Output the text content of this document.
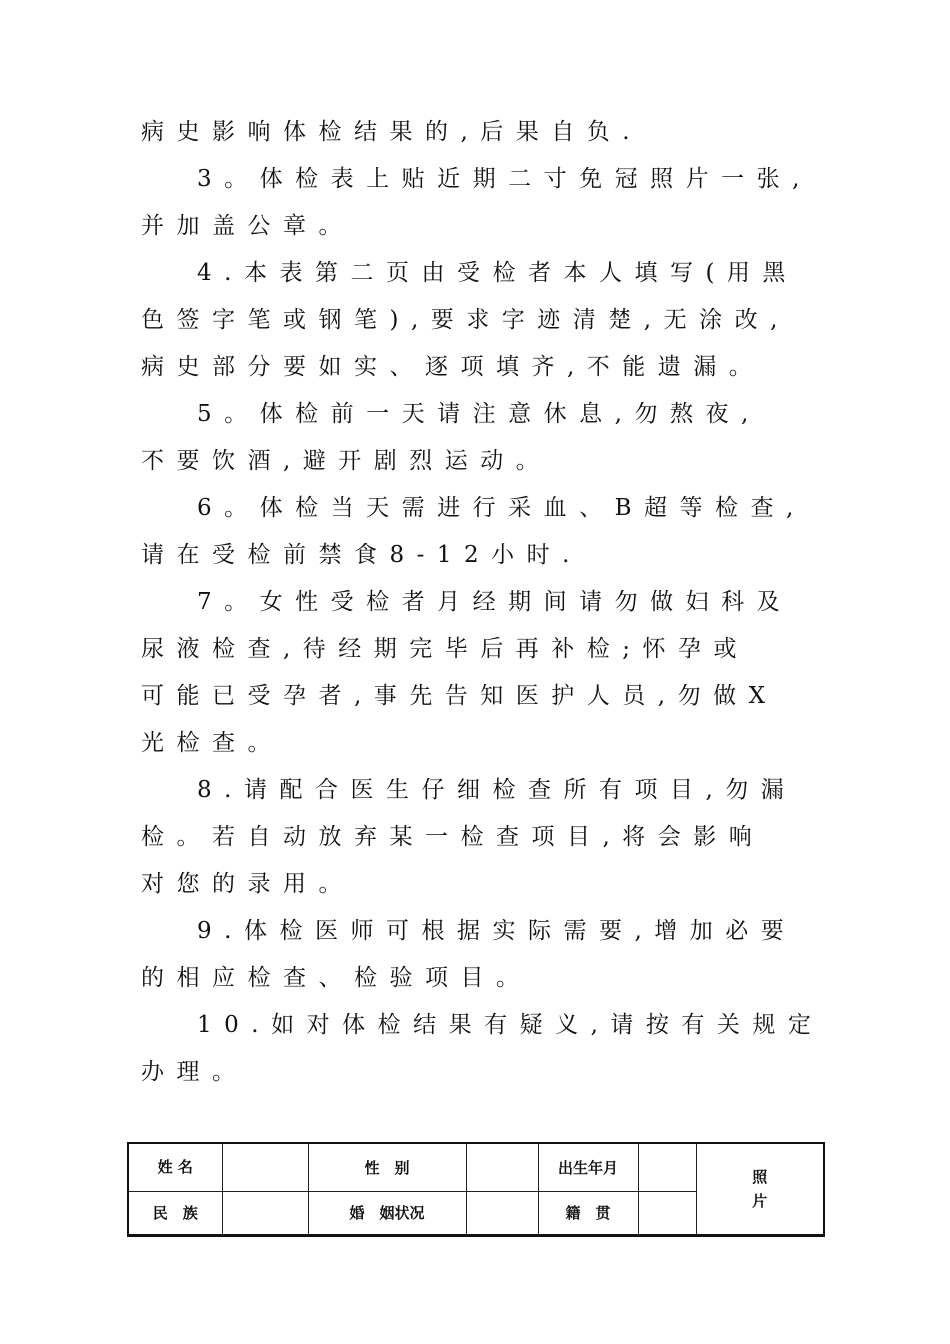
病史影响体检结果的,后果自负.
3。体检表上贴近期二寸免冠照片一张,
并加盖公章。
4.本表第二页由受检者本人填写(用黑
色签字笔或钢笔),要求字迹清楚,无涂改,
病史部分要如实、逐项填齐,不能遗漏。
5。体检前一天请注意休息,勿熬夜,
不要饮酒,避开剧烈运动。
6。体检当天需进行采血、B超等检查,
请在受检前禁食8-12小时.
7。女性受检者月经期间请勿做妇科及
尿液检查,待经期完毕后再补检;怀孕或
可能已受孕者,事先告知医护人员,勿做X
光检查。
8.请配合医生仔细检查所有项目,勿漏
检。若自动放弃某一检查项目,将会影响
对您的录用。
9.体检医师可根据实际需要,增加必要
的相应检查、检验项目。
10.如对体检结果有疑义,请按有关规定
办理。
姓 名		性　别		出生年月		照 片
民　族		婚　姻状况		籍　贯		
